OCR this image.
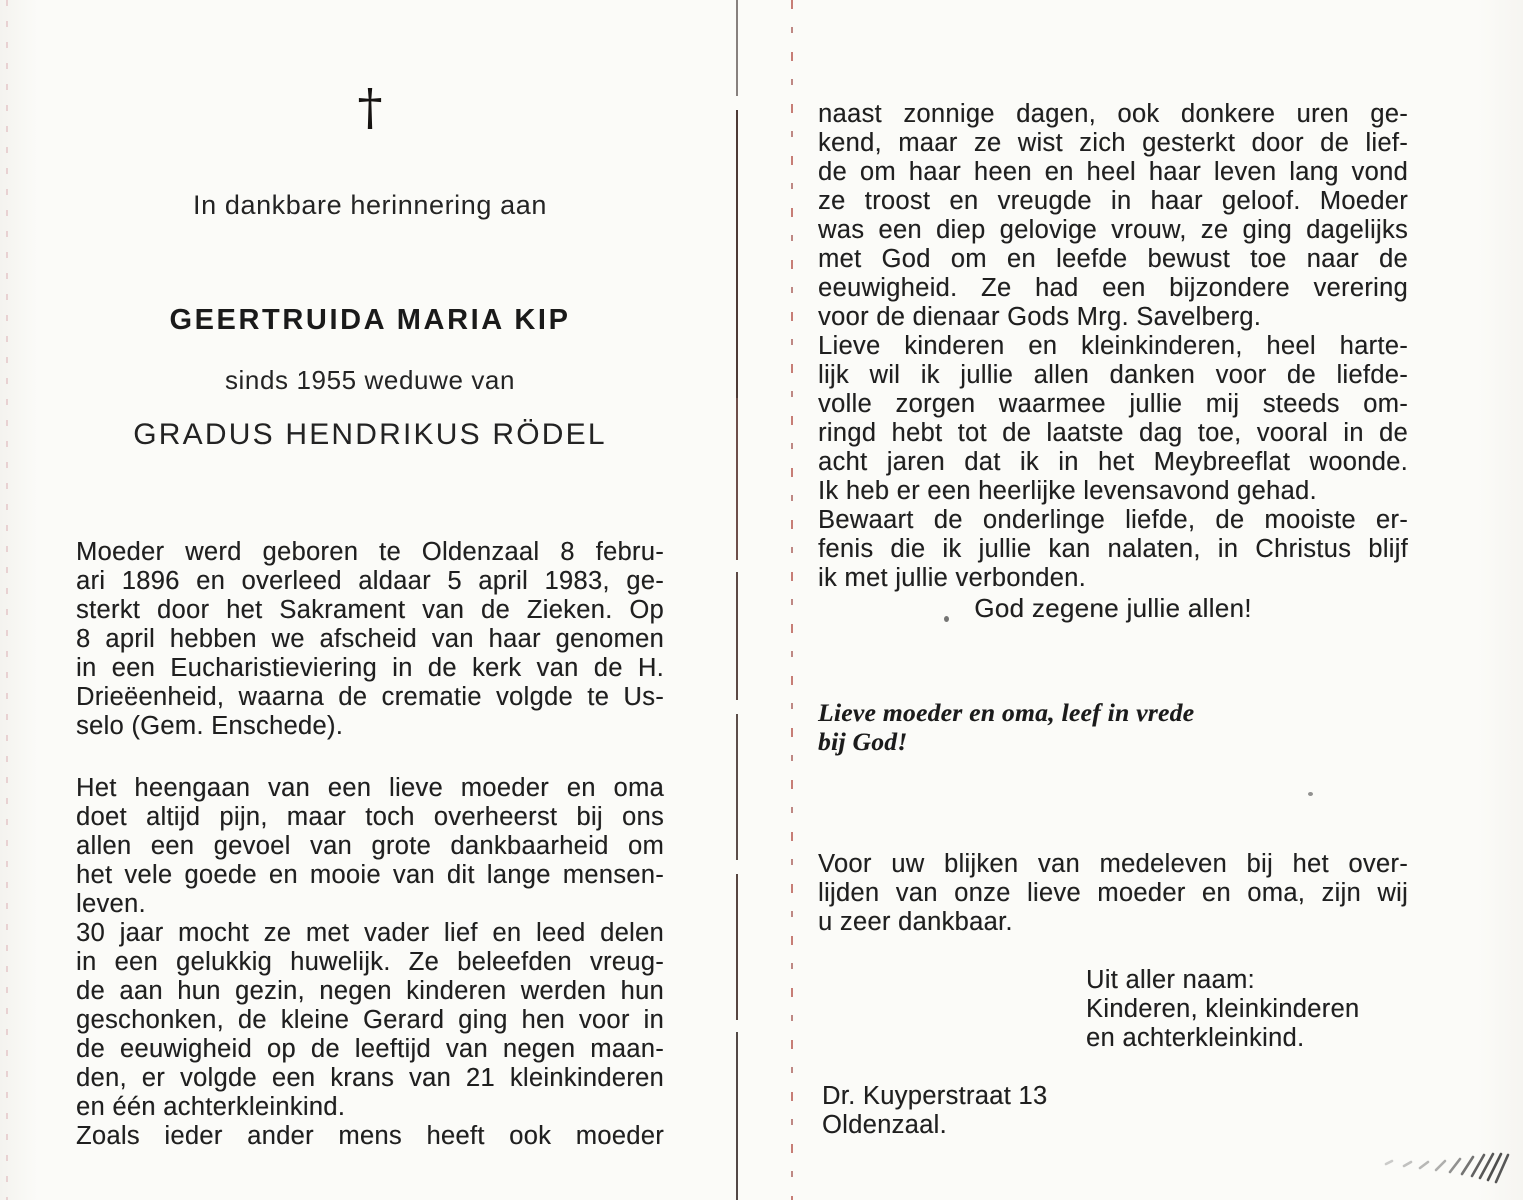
†
In dankbare herinnering aan
GEERTRUIDA MARIA KIP
sinds 1955 weduwe van
GRADUS HENDRIKUS RÖDEL
Moeder werd geboren te Oldenzaal 8 febru-
ari 1896 en overleed aldaar 5 april 1983, ge-
sterkt door het Sakrament van de Zieken. Op
8 april hebben we afscheid van haar genomen
in een Eucharistieviering in de kerk van de H.
Drieëenheid, waarna de crematie volgde te Us-
selo (Gem. Enschede).
Het heengaan van een lieve moeder en oma
doet altijd pijn, maar toch overheerst bij ons
allen een gevoel van grote dankbaarheid om
het vele goede en mooie van dit lange mensen-
leven.
30 jaar mocht ze met vader lief en leed delen
in een gelukkig huwelijk. Ze beleefden vreug-
de aan hun gezin, negen kinderen werden hun
geschonken, de kleine Gerard ging hen voor in
de eeuwigheid op de leeftijd van negen maan-
den, er volgde een krans van 21 kleinkinderen
en één achterkleinkind.
Zoals ieder ander mens heeft ook moeder
naast zonnige dagen, ook donkere uren ge-
kend, maar ze wist zich gesterkt door de lief-
de om haar heen en heel haar leven lang vond
ze troost en vreugde in haar geloof. Moeder
was een diep gelovige vrouw, ze ging dagelijks
met God om en leefde bewust toe naar de
eeuwigheid. Ze had een bijzondere verering
voor de dienaar Gods Mrg. Savelberg.
Lieve kinderen en kleinkinderen, heel harte-
lijk wil ik jullie allen danken voor de liefde-
volle zorgen waarmee jullie mij steeds om-
ringd hebt tot de laatste dag toe, vooral in de
acht jaren dat ik in het Meybreeflat woonde.
Ik heb er een heerlijke levensavond gehad.
Bewaart de onderlinge liefde, de mooiste er-
fenis die ik jullie kan nalaten, in Christus blijf
ik met jullie verbonden.
God zegene jullie allen!
Lieve moeder en oma, leef in vrede
bij God!
Voor uw blijken van medeleven bij het over-
lijden van onze lieve moeder en oma, zijn wij
u zeer dankbaar.
Uit aller naam:
Kinderen, kleinkinderen
en achterkleinkind.
Dr. Kuyperstraat 13
Oldenzaal.
